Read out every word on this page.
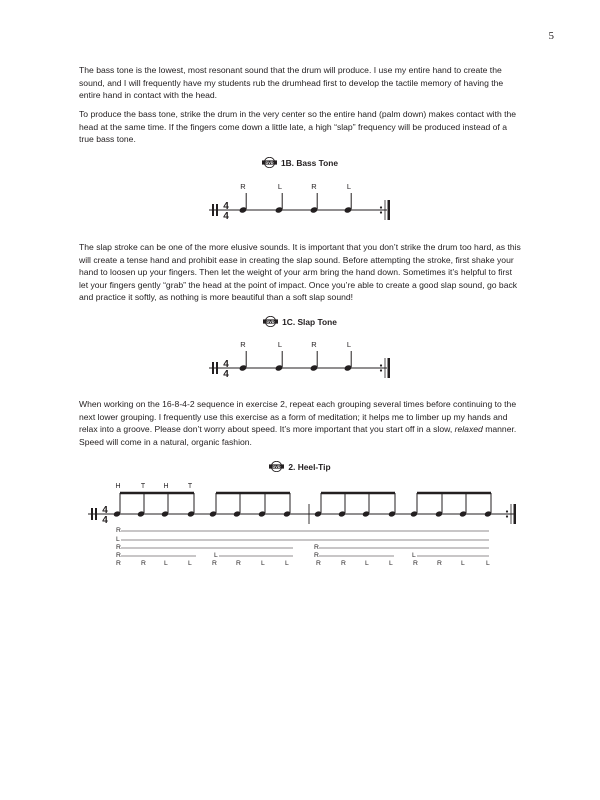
5

The bass tone is the lowest, most resonant sound that the drum will produce. I use my entire hand to create the sound, and I will frequently have my students rub the drumhead first to develop the tactile memory of having the entire hand in contact with the head.

To produce the bass tone, strike the drum in the very center so the entire hand (palm down) makes contact with the head at the same time. If the fingers come down a little late, a high “slap” frequency will be produced instead of a true bass tone.

DVD 1B. Bass Tone
4
4
R	L	R	L

The slap stroke can be one of the more elusive sounds. It is important that you don’t strike the drum too hard, as this will create a tense hand and prohibit ease in creating the slap sound. Before attempting the stroke, first shake your hand to loosen up your fingers. Then let the weight of your arm bring the hand down. Sometimes it’s helpful to first let your fingers gently “grab” the head at the point of impact. Once you’re able to create a good slap sound, go back and practice it softly, as nothing is more beautiful than a soft slap sound!

DVD 1C. Slap Tone
4
4
R	L	R	L

When working on the 16-8-4-2 sequence in exercise 2, repeat each grouping several times before continuing to the next lower grouping. I frequently use this exercise as a form of meditation; it helps me to limber up my hands and relax into a groove. Please don’t worry about speed. It’s more important that you start off in a slow, relaxed manner. Speed will come in a natural, organic fashion.

DVD 2. Heel-Tip
4
4
H	T	H	T
R
L
R	R
R	L	R	L
R	R	L	L	R	R	L	L	R	R	L	L	R	R	L	L
